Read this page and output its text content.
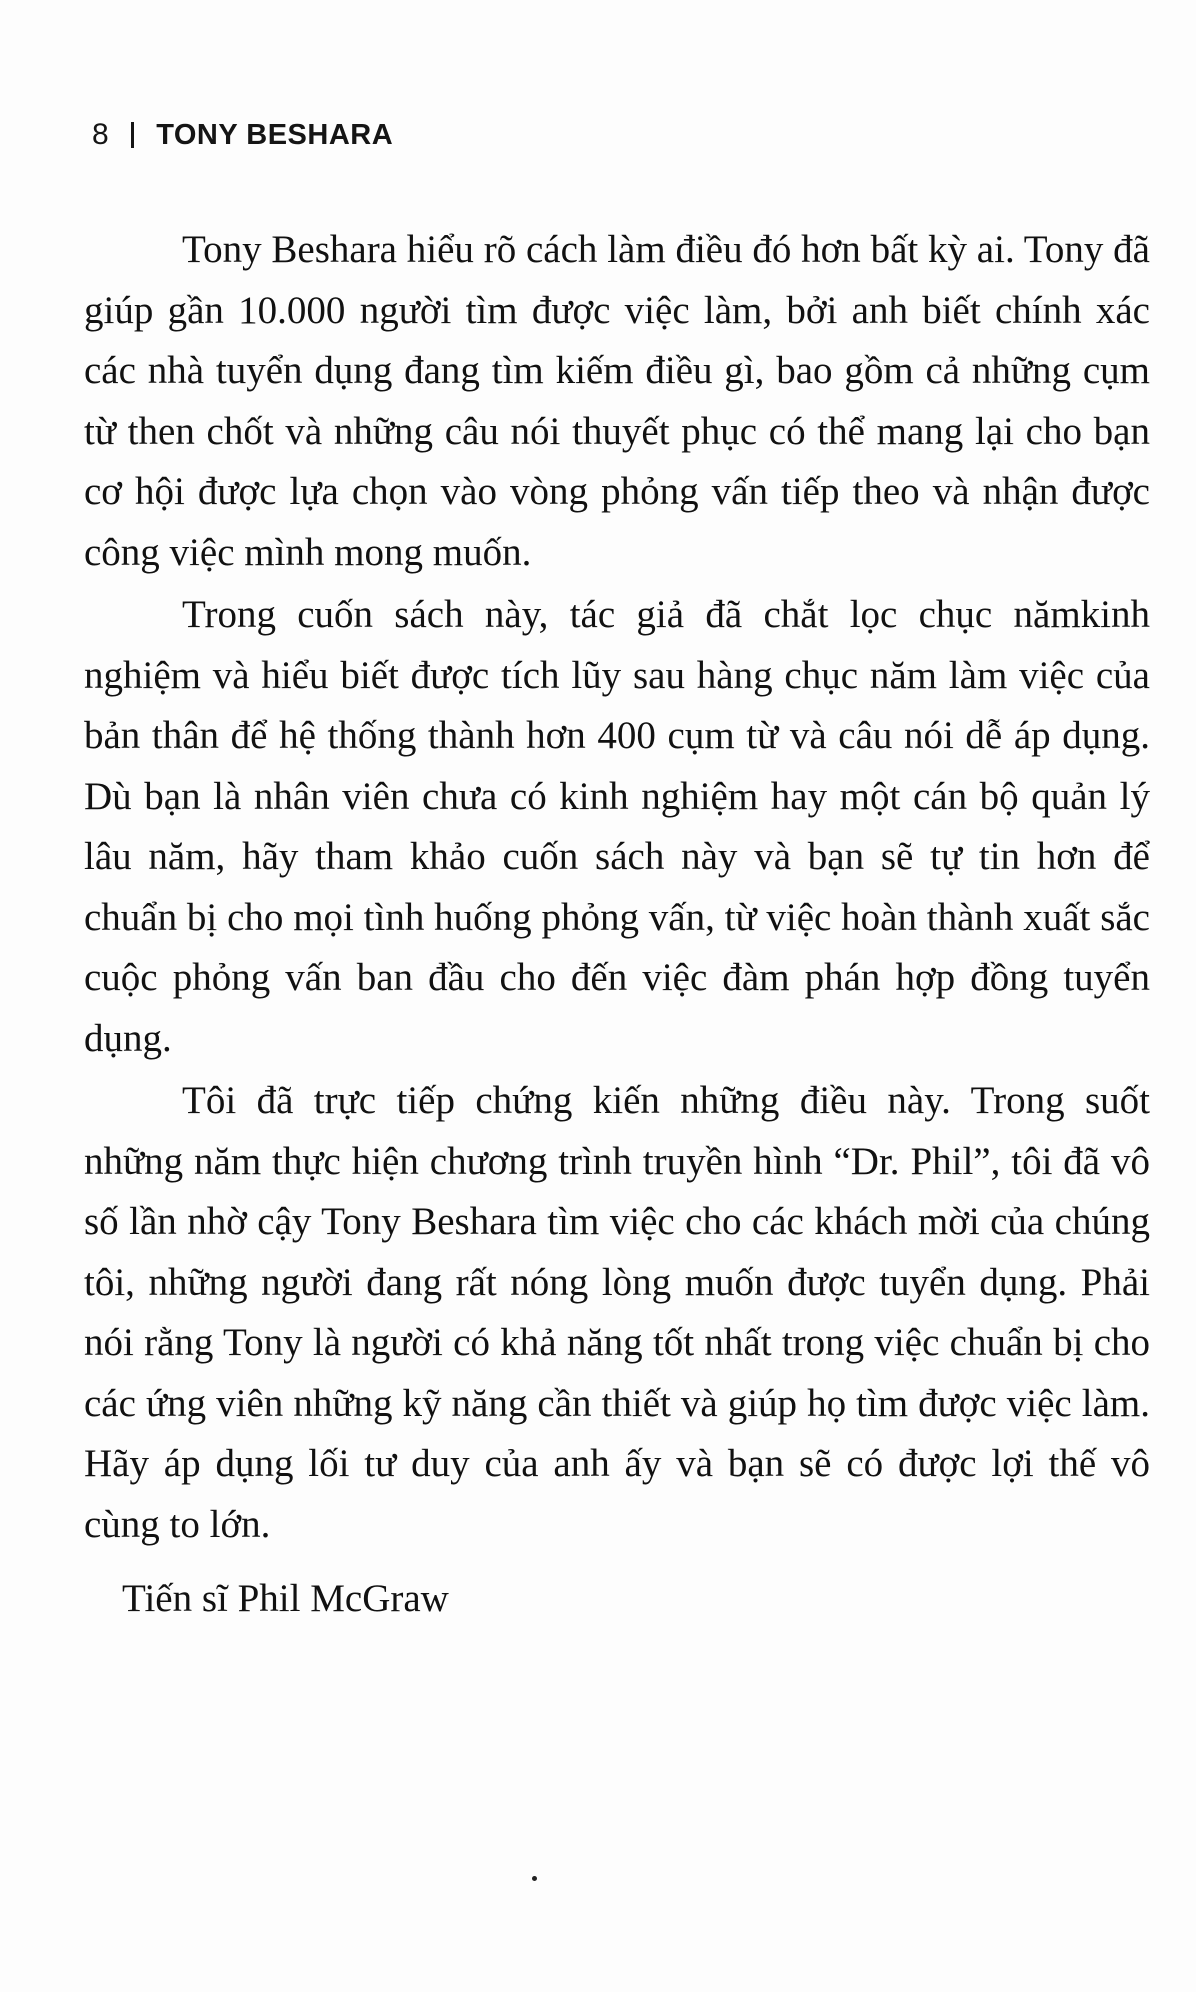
8 TONY BESHARA

Tony Beshara hiểu rõ cách làm điều đó hơn bất kỳ ai. Tony đã giúp gần 10.000 người tìm được việc làm, bởi anh biết chính xác các nhà tuyển dụng đang tìm kiếm điều gì, bao gồm cả những cụm từ then chốt và những câu nói thuyết phục có thể mang lại cho bạn cơ hội được lựa chọn vào vòng phỏng vấn tiếp theo và nhận được công việc mình mong muốn.

Trong cuốn sách này, tác giả đã chắt lọc chục nămkinh nghiệm và hiểu biết được tích lũy sau hàng chục năm làm việc của bản thân để hệ thống thành hơn 400 cụm từ và câu nói dễ áp dụng. Dù bạn là nhân viên chưa có kinh nghiệm hay một cán bộ quản lý lâu năm, hãy tham khảo cuốn sách này và bạn sẽ tự tin hơn để chuẩn bị cho mọi tình huống phỏng vấn, từ việc hoàn thành xuất sắc cuộc phỏng vấn ban đầu cho đến việc đàm phán hợp đồng tuyển dụng.

Tôi đã trực tiếp chứng kiến những điều này. Trong suốt những năm thực hiện chương trình truyền hình “Dr. Phil”, tôi đã vô số lần nhờ cậy Tony Beshara tìm việc cho các khách mời của chúng tôi, những người đang rất nóng lòng muốn được tuyển dụng. Phải nói rằng Tony là người có khả năng tốt nhất trong việc chuẩn bị cho các ứng viên những kỹ năng cần thiết và giúp họ tìm được việc làm. Hãy áp dụng lối tư duy của anh ấy và bạn sẽ có được lợi thế vô cùng to lớn.

Tiến sĩ Phil McGraw
